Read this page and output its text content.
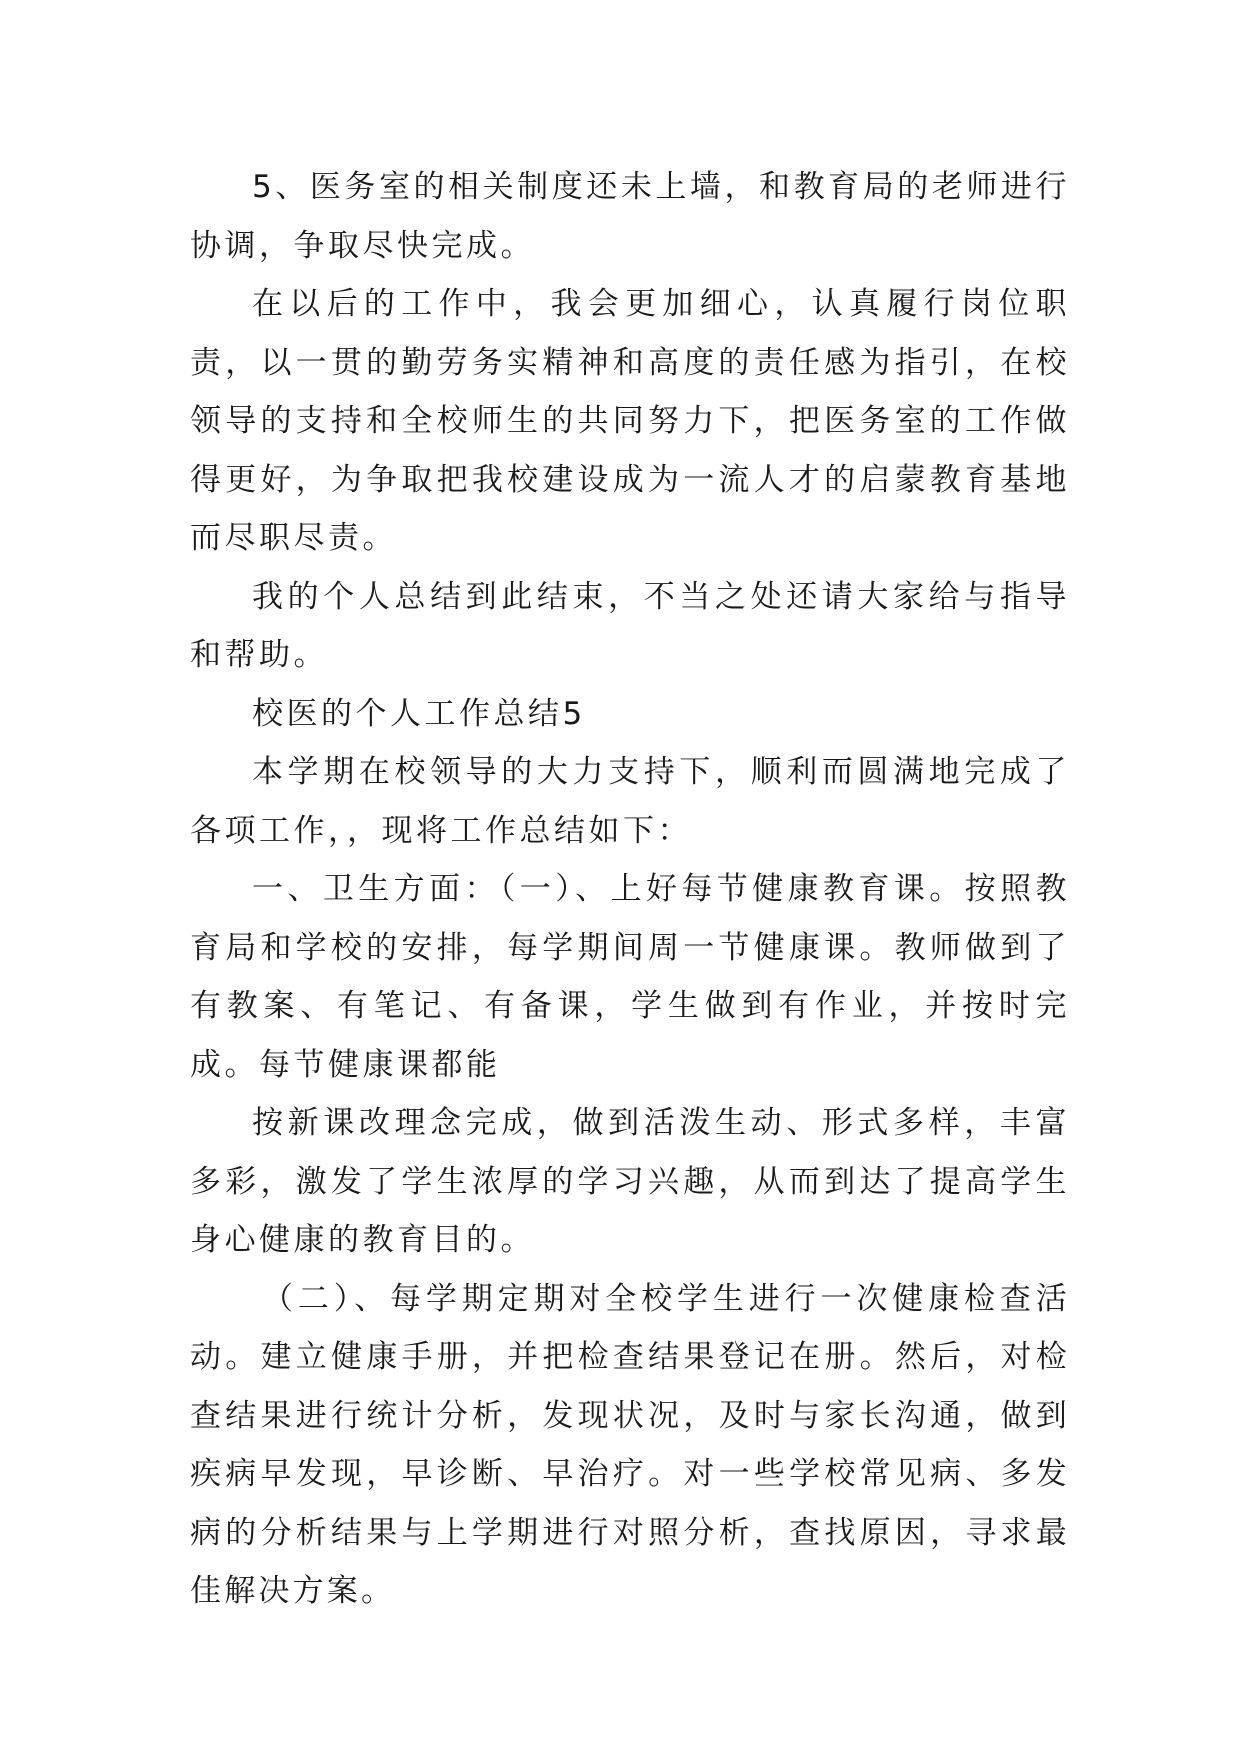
5、医务室的相关制度还未上墙，和教育局的老师进行协调，争取尽快完成。

在以后的工作中，我会更加细心，认真履行岗位职责，以一贯的勤劳务实精神和高度的责任感为指引，在校领导的支持和全校师生的共同努力下，把医务室的工作做得更好，为争取把我校建设成为一流人才的启蒙教育基地而尽职尽责。

我的个人总结到此结束，不当之处还请大家给与指导和帮助。

校医的个人工作总结5

本学期在校领导的大力支持下，顺利而圆满地完成了各项工作，，现将工作总结如下：

一、卫生方面：（一）、上好每节健康教育课。按照教育局和学校的安排，每学期间周一节健康课。教师做到了有教案、有笔记、有备课，学生做到有作业，并按时完成。每节健康课都能

按新课改理念完成，做到活泼生动、形式多样，丰富多彩，激发了学生浓厚的学习兴趣，从而到达了提高学生身心健康的教育目的。

（二）、每学期定期对全校学生进行一次健康检查活动。建立健康手册，并把检查结果登记在册。然后，对检查结果进行统计分析，发现状况，及时与家长沟通，做到疾病早发现，早诊断、早治疗。对一些学校常见病、多发病的分析结果与上学期进行对照分析，查找原因，寻求最佳解决方案。
